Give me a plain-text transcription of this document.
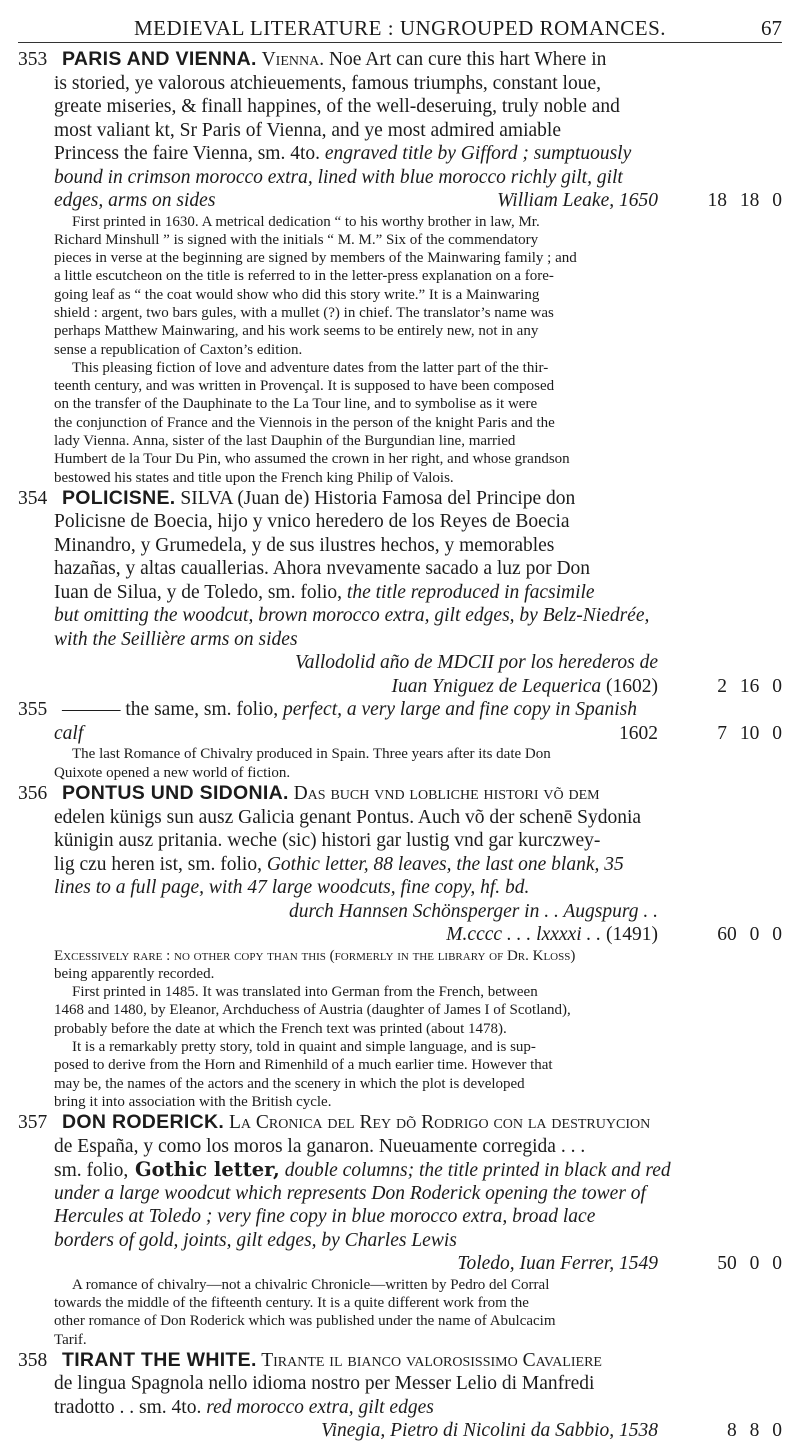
MEDIEVAL LITERATURE : UNGROUPED ROMANCES.	67
353 PARIS AND VIENNA. Vienna. Noe Art can cure this hart Where in
is storied, ye valorous atchieuements, famous triumphs, constant loue,
greate miseries, & finall happines, of the well-deseruing, truly noble and
most valiant kt, Sr Paris of Vienna, and ye most admired amiable
Princess the faire Vienna, sm. 4to. engraved title by Gifford ; sumptuously
bound in crimson morocco extra, lined with blue morocco richly gilt, gilt
edges, arms on sides	William Leake, 1650	18 18 0
First printed in 1630. A metrical dedication “ to his worthy brother in law, Mr.
Richard Minshull ” is signed with the initials “ M. M.” Six of the commendatory
pieces in verse at the beginning are signed by members of the Mainwaring family ; and
a little escutcheon on the title is referred to in the letter-press explanation on a fore-
going leaf as “ the coat would show who did this story write.” It is a Mainwaring
shield : argent, two bars gules, with a mullet (?) in chief. The translator’s name was
perhaps Matthew Mainwaring, and his work seems to be entirely new, not in any
sense a republication of Caxton’s edition.
This pleasing fiction of love and adventure dates from the latter part of the thir-
teenth century, and was written in Provençal. It is supposed to have been composed
on the transfer of the Dauphinate to the La Tour line, and to symbolise as it were
the conjunction of France and the Viennois in the person of the knight Paris and the
lady Vienna. Anna, sister of the last Dauphin of the Burgundian line, married
Humbert de la Tour Du Pin, who assumed the crown in her right, and whose grandson
bestowed his states and title upon the French king Philip of Valois.
354 POLICISNE. SILVA (Juan de) Historia Famosa del Principe don
Policisne de Boecia, hijo y vnico heredero de los Reyes de Boecia
Minandro, y Grumedela, y de sus ilustres hechos, y memorables
hazañas, y altas cauallerias. Ahora nvevamente sacado a luz por Don
Iuan de Silua, y de Toledo, sm. folio, the title reproduced in facsimile
but omitting the woodcut, brown morocco extra, gilt edges, by Belz-Niedrée,
with the Seillière arms on sides
Vallodolid año de MDCII por los herederos de
Iuan Yniguez de Lequerica (1602)	2 16 0
355 ——— the same, sm. folio, perfect, a very large and fine copy in Spanish
calf	1602	7 10 0
The last Romance of Chivalry produced in Spain. Three years after its date Don
Quixote opened a new world of fiction.
356 PONTUS UND SIDONIA. Das buch vnd lobliche histori võ dem
edelen künigs sun ausz Galicia genant Pontus. Auch võ der schenē Sydonia
künigin ausz pritania. weche (sic) histori gar lustig vnd gar kurczwey-
lig czu heren ist, sm. folio, Gothic letter, 88 leaves, the last one blank, 35
lines to a full page, with 47 large woodcuts, fine copy, hf. bd.
durch Hannsen Schönsperger in . . Augspurg . .
M.cccc . . . lxxxxi . . (1491)	60 0 0
Excessively rare : no other copy than this (formerly in the library of Dr. Kloss)
being apparently recorded.
First printed in 1485. It was translated into German from the French, between
1468 and 1480, by Eleanor, Archduchess of Austria (daughter of James I of Scotland),
probably before the date at which the French text was printed (about 1478).
It is a remarkably pretty story, told in quaint and simple language, and is sup-
posed to derive from the Horn and Rimenhild of a much earlier time. However that
may be, the names of the actors and the scenery in which the plot is developed
bring it into association with the British cycle.
357 DON RODERICK. La Cronica del Rey dõ Rodrigo con la destruycion
de España, y como los moros la ganaron. Nueuamente corregida . . .
sm. folio, Gothic letter, double columns; the title printed in black and red
under a large woodcut which represents Don Roderick opening the tower of
Hercules at Toledo ; very fine copy in blue morocco extra, broad lace
borders of gold, joints, gilt edges, by Charles Lewis
Toledo, Iuan Ferrer, 1549	50 0 0
A romance of chivalry—not a chivalric Chronicle—written by Pedro del Corral
towards the middle of the fifteenth century. It is a quite different work from the
other romance of Don Roderick which was published under the name of Abulcacim
Tarif.
358 TIRANT THE WHITE. Tirante il bianco valorosissimo Cavaliere
de lingua Spagnola nello idioma nostro per Messer Lelio di Manfredi
tradotto . . sm. 4to. red morocco extra, gilt edges
Vinegia, Pietro di Nicolini da Sabbio, 1538	8 8 0
